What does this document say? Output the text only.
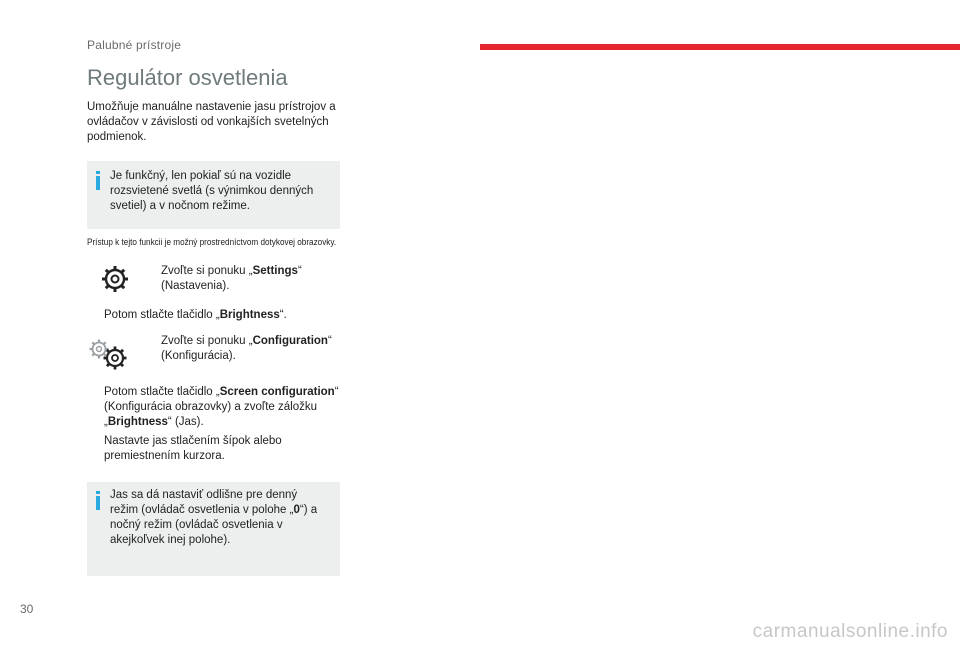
Palubné prístroje
Regulátor osvetlenia

Umožňuje manuálne nastavenie jasu prístrojov a ovládačov v závislosti od vonkajších svetelných podmienok.

Je funkčný, len pokiaľ sú na vozidle rozsvietené svetlá (s výnimkou denných svetiel) a v nočnom režime.

Prístup k tejto funkcii je možný prostredníctvom dotykovej obrazovky.
Zvoľte si ponuku „Settings“ (Nastavenia).
Potom stlačte tlačidlo „Brightness“.
Zvoľte si ponuku „Configuration“ (Konfigurácia).
Potom stlačte tlačidlo „Screen configuration“ (Konfigurácia obrazovky) a zvoľte záložku „Brightness“ (Jas).
Nastavte jas stlačením šípok alebo premiestnením kurzora.

Jas sa dá nastaviť odlišne pre denný režim (ovládač osvetlenia v polohe „0“) a nočný režim (ovládač osvetlenia v akejkoľvek inej polohe).

30
carmanualsonline.info
